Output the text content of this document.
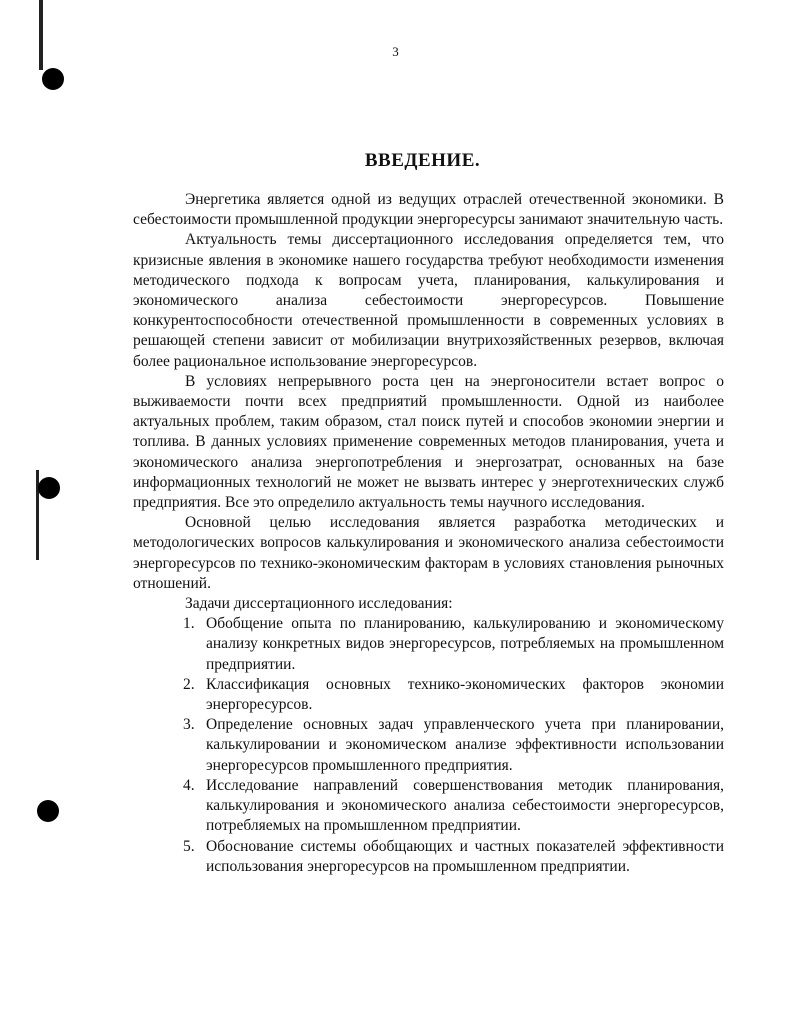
3
ВВЕДЕНИЕ.

Энергетика является одной из ведущих отраслей отечественной экономики. В себестоимости промышленной продукции энергоресурсы занимают значительную часть.

Актуальность темы диссертационного исследования определяется тем, что кризисные явления в экономике нашего государства требуют необходимости изменения методического подхода к вопросам учета, планирования, калькулирования и экономического анализа себестоимости энергоресурсов. Повышение конкурентоспособности отечественной промышленности в современных условиях в решающей степени зависит от мобилизации внутрихозяйственных резервов, включая более рациональное использование энергоресурсов.

В условиях непрерывного роста цен на энергоносители встает вопрос о выживаемости почти всех предприятий промышленности. Одной из наиболее актуальных проблем, таким образом, стал поиск путей и способов экономии энергии и топлива. В данных условиях применение современных методов планирования, учета и экономического анализа энергопотребления и энергозатрат, основанных на базе информационных технологий не может не вызвать интерес у энерготехнических служб предприятия. Все это определило актуальность темы научного исследования.

Основной целью исследования является разработка методических и методологических вопросов калькулирования и экономического анализа себестоимости энергоресурсов по технико-экономическим факторам в условиях становления рыночных отношений.

Задачи диссертационного исследования:

1. Обобщение опыта по планированию, калькулированию и экономическому анализу конкретных видов энергоресурсов, потребляемых на промышленном предприятии.
2. Классификация основных технико-экономических факторов экономии энергоресурсов.
3. Определение основных задач управленческого учета при планировании, калькулировании и экономическом анализе эффективности использовании энергоресурсов промышленного предприятия.
4. Исследование направлений совершенствования методик планирования, калькулирования и экономического анализа себестоимости энергоресурсов, потребляемых на промышленном предприятии.
5. Обоснование системы обобщающих и частных показателей эффективности использования энергоресурсов на промышленном предприятии.
